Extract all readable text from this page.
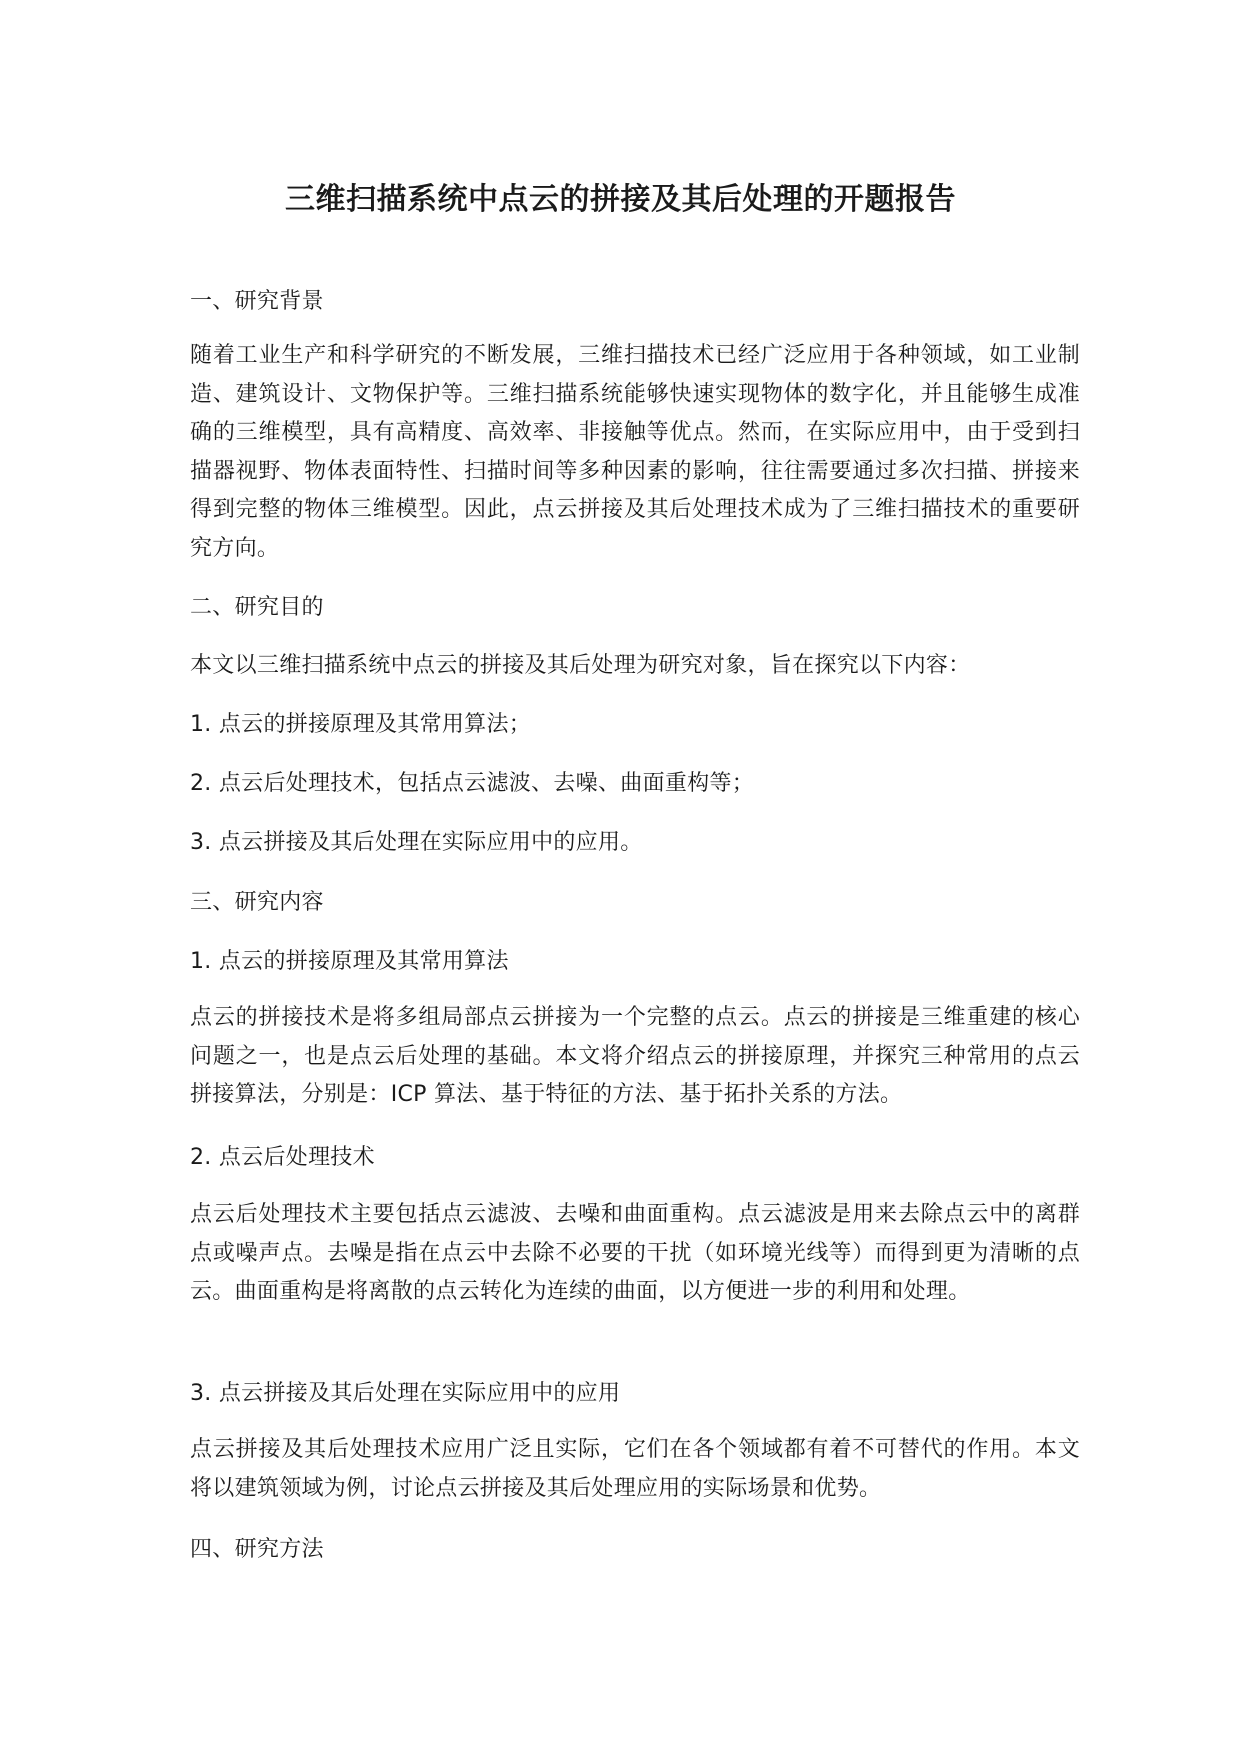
三维扫描系统中点云的拼接及其后处理的开题报告
一、研究背景
随着工业生产和科学研究的不断发展，三维扫描技术已经广泛应用于各种领域，如工业制造、建筑设计、文物保护等。三维扫描系统能够快速实现物体的数字化，并且能够生成准确的三维模型，具有高精度、高效率、非接触等优点。然而，在实际应用中，由于受到扫描器视野、物体表面特性、扫描时间等多种因素的影响，往往需要通过多次扫描、拼接来得到完整的物体三维模型。因此，点云拼接及其后处理技术成为了三维扫描技术的重要研究方向。
二、研究目的
本文以三维扫描系统中点云的拼接及其后处理为研究对象，旨在探究以下内容：
1. 点云的拼接原理及其常用算法；
2. 点云后处理技术，包括点云滤波、去噪、曲面重构等；
3. 点云拼接及其后处理在实际应用中的应用。
三、研究内容
1. 点云的拼接原理及其常用算法
点云的拼接技术是将多组局部点云拼接为一个完整的点云。点云的拼接是三维重建的核心问题之一，也是点云后处理的基础。本文将介绍点云的拼接原理，并探究三种常用的点云拼接算法，分别是：ICP 算法、基于特征的方法、基于拓扑关系的方法。
2. 点云后处理技术
点云后处理技术主要包括点云滤波、去噪和曲面重构。点云滤波是用来去除点云中的离群点或噪声点。去噪是指在点云中去除不必要的干扰（如环境光线等）而得到更为清晰的点云。曲面重构是将离散的点云转化为连续的曲面，以方便进一步的利用和处理。
3. 点云拼接及其后处理在实际应用中的应用
点云拼接及其后处理技术应用广泛且实际，它们在各个领域都有着不可替代的作用。本文将以建筑领域为例，讨论点云拼接及其后处理应用的实际场景和优势。
四、研究方法
